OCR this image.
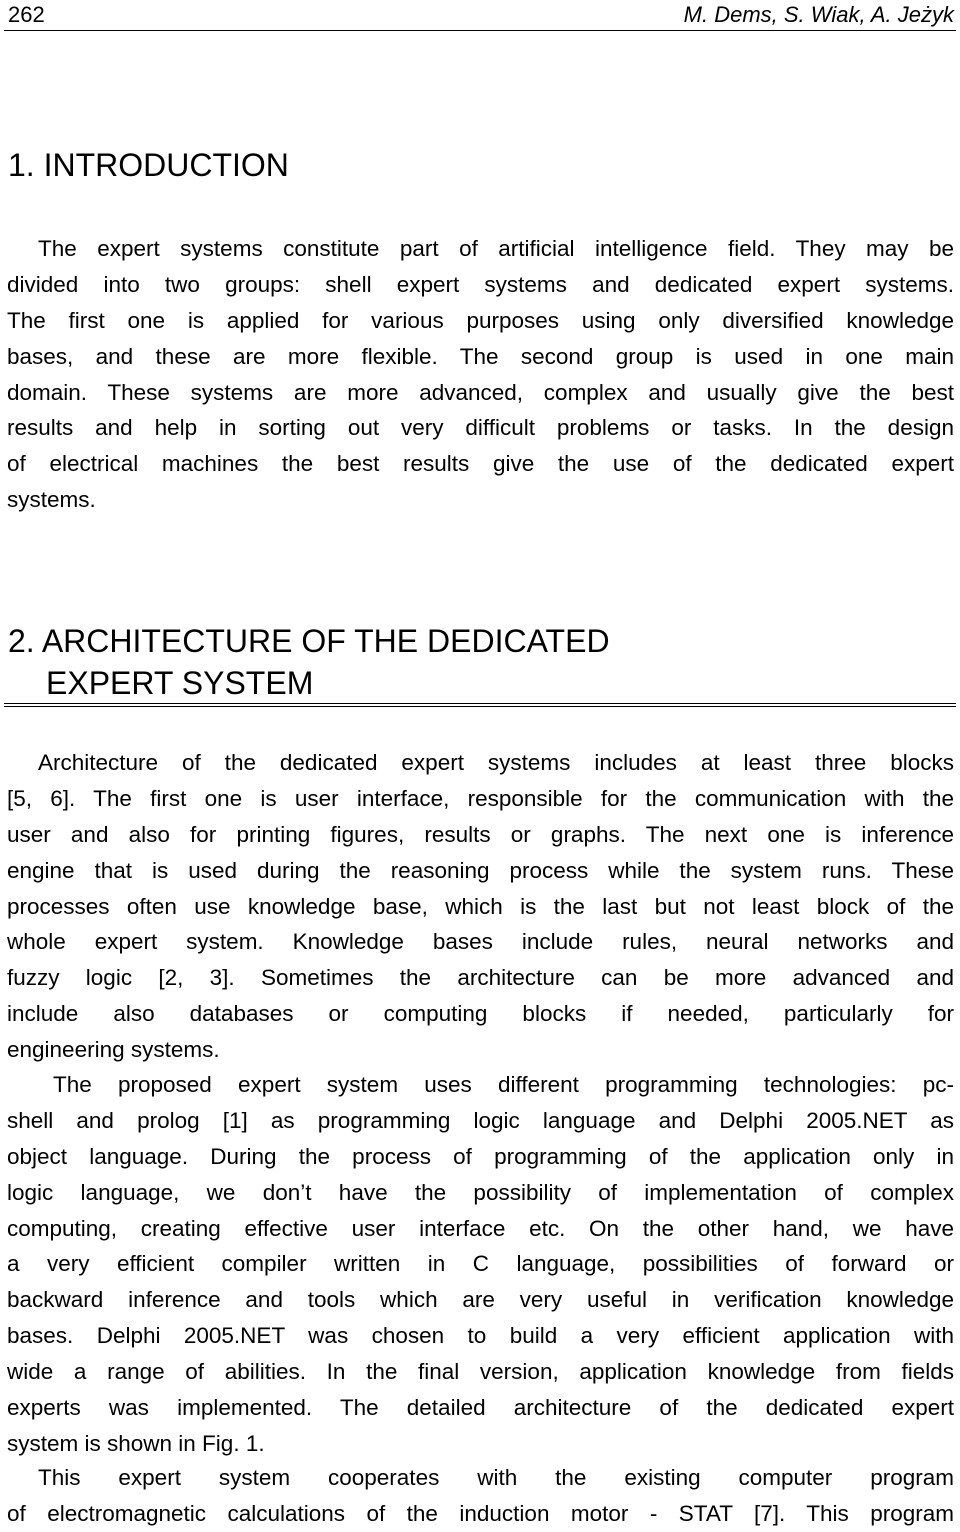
262	M. Dems, S. Wiak, A. Jeżyk
1. INTRODUCTION
The expert systems constitute part of artificial intelligence field. They may be
divided into two groups: shell expert systems and dedicated expert systems.
The first one is applied for various purposes using only diversified knowledge
bases, and these are more flexible. The second group is used in one main
domain. These systems are more advanced, complex and usually give the best
results and help in sorting out very difficult problems or tasks. In the design
of electrical machines the best results give the use of the dedicated expert
systems.
2. ARCHITECTURE OF THE DEDICATED
EXPERT SYSTEM
Architecture of the dedicated expert systems includes at least three blocks
[5, 6]. The first one is user interface, responsible for the communication with the
user and also for printing figures, results or graphs. The next one is inference
engine that is used during the reasoning process while the system runs. These
processes often use knowledge base, which is the last but not least block of the
whole expert system. Knowledge bases include rules, neural networks and
fuzzy logic [2, 3]. Sometimes the architecture can be more advanced and
include also databases or computing blocks if needed, particularly for
engineering systems.
The proposed expert system uses different programming technologies: pc-
shell and prolog [1] as programming logic language and Delphi 2005.NET as
object language. During the process of programming of the application only in
logic language, we don’t have the possibility of implementation of complex
computing, creating effective user interface etc. On the other hand, we have
a very efficient compiler written in C language, possibilities of forward or
backward inference and tools which are very useful in verification knowledge
bases. Delphi 2005.NET was chosen to build a very efficient application with
wide a range of abilities. In the final version, application knowledge from fields
experts was implemented. The detailed architecture of the dedicated expert
system is shown in Fig. 1.
This expert system cooperates with the existing computer program
of electromagnetic calculations of the induction motor - STAT [7]. This program
